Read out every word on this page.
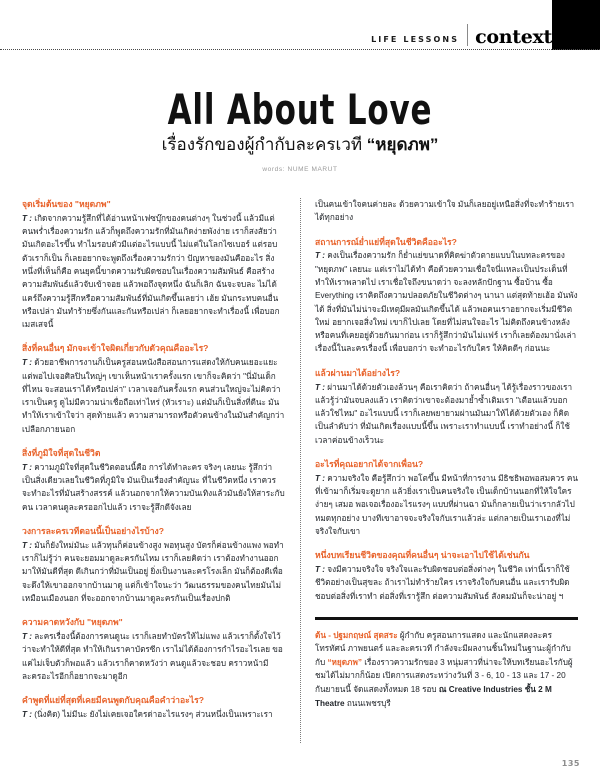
LIFE LESSONS context
All About Love
เรื่องรักของผู้กำกับละครเวที “หยุดภพ”
words: NUME MARUT
จุดเริ่มต้นของ "หยุดภพ"
T : เกิดจากความรู้สึกที่ได้อ่านหน้าเฟซบุ๊กของคนต่างๆ ในช่วงนี้ แล้วมีแต่คนพร่ำเรื่องความรัก แล้วก็พูดถึงความรักที่มันเกิดง่ายพังง่าย เราก็สงสัยว่ามันเกิดอะไรขึ้น ทำไมรอบตัวมีแต่อะไรแบบนี้ ไม่แค่ในโลกไซเบอร์ แต่รอบตัวเราก็เป็น ก็เลยอยากจะพูดถึงเรื่องความรักว่า ปัญหาของมันคืออะไร สิ่งหนึ่งที่เห็นก็คือ คนยุคนี้ขาดความรับผิดชอบในเรื่องความสัมพันธ์ คือสร้างความสัมพันธ์แล้วจับเข้าจอย แล้วพอถึงจุดหนึ่ง ฉันก็เลิก ฉันจะจบละ ไม่ได้แคร์ถึงความรู้สึกหรือความสัมพันธ์ที่มันเกิดขึ้นเลยว่า เฮ้ย มันกระทบคนอื่นหรือเปล่า มันทำร้ายซึ่งกันและกันหรือเปล่า ก็เลยอยากจะทำเรื่องนี้ เพื่อบอกเมสเสจนี้
สิ่งที่คนอื่นๆ มักจะเข้าใจผิดเกี่ยวกับตัวคุณคืออะไร?
T : ด้วยอาชีพการงานก็เป็นครูสอนหนังสือสอนการแสดงให้กับคนเยอะแยะ แต่พอไปเจอศิลปินใหญ่ๆ เขาเห็นหน้าเราครั้งแรก เขาก็จะคิดว่า "นี่มันเด็กที่ไหน จะสอนเราได้หรือเปล่า" เวลาเจอกันครั้งแรก คนส่วนใหญ่จะไม่คิดว่าเราเป็นครู ดูไม่มีความน่าเชื่อถือเท่าไหร่ (หัวเราะ) แต่มันก็เป็นสิ่งที่ดีนะ มันทำให้เราเข้าใจว่า สุดท้ายแล้ว ความสามารถหรือตัวตนข้างในมันสำคัญกว่าเปลือกภายนอก
สิ่งที่ภูมิใจที่สุดในชีวิต
T : ความภูมิใจที่สุดในชีวิตตอนนี้คือ การได้ทำละคร จริงๆ เลยนะ รู้สึกว่าเป็นสิ่งเดียวเลยในชีวิตที่ภูมิใจ มันเป็นเรื่องสำคัญนะ ที่ในชีวิตหนึ่ง เราควรจะทำอะไรที่มันสร้างสรรค์ แล้วนอกจากให้ความบันเทิงแล้วมันยังให้สาระกับคน เวลาคนดูละครออกไปแล้ว เราจะรู้สึกดีจังเลย
วงการละครเวทีตอนนี้เป็นอย่างไรบ้าง?
T : มันก็ยังใหม่มันะ แล้วทุนก็ค่อนข้างสูง พอทุนสูง บัตรก็ค่อนข้างแพง พอทำเราก็ไม่รู้ว่า คนจะยอมมาดูละครกันไหม เราก็เลยคิดว่า เราต้องทำงานออกมาให้มันดีที่สุด ดีเกินกว่าที่มันเป็นอยู่ ยิ่งเป็นงานละครโรงเล็ก มันก็ต้องดีเพื่อจะดึงให้เขาออกจากบ้านมาดู แต่ก็เข้าใจนะว่า วัฒนธรรมของคนไทยมันไม่เหมือนเมืองนอก ที่จะออกจากบ้านมาดูละครกันเป็นเรื่องปกติ
ความคาดหวังกับ "หยุดภพ"
T : ละครเรื่องนี้ต้องการคนดูนะ เราก็เลยทำบัตรให้ไม่แพง แล้วเราก็ตั้งใจไว้ว่าจะทำให้ดีที่สุด ทำให้เกินราคาบัตรซีก เราไม่ได้ต้องการกำไรอะไรเลย ขอแค่ไม่เจ็บตัวก็พอแล้ว แล้วเราก็คาดหวังว่า คนดูแล้วจะชอบ คราวหน้ามีละครอะไรอีกก็อยากจะมาดูอีก
คำพูดที่แย่ที่สุดที่เคยมีคนพูดกับคุณคือคำว่าอะไร?
T : (นิ่งคิด) ไม่มีนะ ยังไม่เคยเจอใครด่าอะไรแรงๆ ส่วนหนึ่งเป็นเพราะเรา
เป็นคนเข้าใจคนค่ายละ ด้วยความเข้าใจ มันก็เลยอยู่เหนือสิ่งที่จะทำร้ายเราได้ทุกอย่าง
สถานการณ์ย่ำแย่ที่สุดในชีวิตคืออะไร?
T : คงเป็นเรื่องความรัก ก็ย่ำแย่ขนาดที่คิดฆ่าตัวตายแบบในบทละครของ "หยุดภพ" เลยนะ แต่เราไม่ได้ทำ คือด้วยความเชื่อใจนี่แหละเป็นประเด็นที่ทำให้เราพลาดไป เราเชื่อใจถึงขนาดว่า จะลงหลักปักฐาน ซื้อบ้าน ซื้อ Everything เราคิดถึงความปลอดภัยในชีวิตต่างๆ นานา แต่สุดท้ายเฮ้อ มันพังได้ สิ่งที่มันไม่น่าจะมีเหตุมีผลมันเกิดขึ้นได้ แล้วพอคนเราอยากจะเริ่มมีชีวิตใหม่ อยากเจอสิ่งใหม่ เขาก็ไปเลย โดยที่ไม่สนใจอะไร ไม่คิดถึงคนข้างหลัง หรือคนที่เคยอยู่ด้วยกันมาก่อน เราก็รู้สึกว่ามันไม่แฟร์ เราก็เลยต้องมานั่งเล่าเรื่องนี้ในละครเรื่องนี้ เพื่อบอกว่า จะทำอะไรกับใคร ให้คิดดีๆ ก่อนนะ
แล้วผ่านมาได้อย่างไร?
T : ผ่านมาได้ด้วยตัวเองล้วนๆ คือเราคิดว่า ถ้าคนอื่นๆ ได้รู้เรื่องราวของเราแล้วรู้ว่ามันจบลงแล้ว เราคิดว่าเขาจะต้องมาย้ำซ้ำเติมเรา "เตือนแล้วบอกแล้วใช่ไหม" อะไรแบบนี้ เราก็เลยพยายามผ่านมันมาให้ได้ด้วยตัวเอง ก็คิดเป็นลำดับว่า ที่มันเกิดเรื่องแบบนี้ขึ้น เพราะเราทำแบบนี้ เราทำอย่างนี้ ก็ใช้เวลาค่อนข้างเร็วนะ
อะไรที่คุณอยากได้จากเพื่อน?
T : ความจริงใจ คือรู้สึกว่า พอโตขึ้น มีหน้าที่การงาน มีธิชธิพอพอสมควร คนที่เข้ามาก็เริ่มจะดูยาก แล้วยิ่งเราเป็นคนจริงใจ เป็นเด็กบ้านนอกที่ให้ใจใครง่ายๆ เสมอ พอเจอเรื่องอะไรแรงๆ แบบที่ผ่านฉา มันก็กลายเป็นว่าเรากลัวไปหมดทุกอย่าง บางทีเขาอาจจะจริงใจกับเราแล้วล่ะ แต่กลายเป็นเราเองที่ไม่จริงใจกับเขา
หนึ่งบทเรียนชีวิตของคุณที่คนอื่นๆ น่าจะเอาไปใช้ได้เช่นกัน
T : จงมีความจริงใจ จริงใจและรับผิดชอบต่อสิ่งต่างๆ ในชีวิต เท่านี้เราก็ใช้ชีวิตอย่างเป็นสุขละ ถ้าเราไม่ทำร้ายใคร เราจริงใจกับคนอื่น และเรารับผิดชอบต่อสิ่งที่เราทำ ต่อสิ่งที่เรารู้สึก ต่อความสัมพันธ์ สังคมมันก็จะน่าอยู่ ฯ
ต้น - ปฐมกฤษณ์ สุดสระ ผู้กำกับ ครูสอนการแสดง และนักแสดงละครโทรทัศน์ ภาพยนตร์ และละครเวที กำลังจะมีผลงานชิ้นใหม่ในฐานะผู้กำกับ กับ “หยุดภพ” เรื่องราวความรักของ 3 หนุ่มสาวที่น่าจะให้บทเรียนอะไรกับผู้ชมได้ไม่มากก็น้อย เปิดการแสดงระหว่างวันที่ 3 - 6, 10 - 13 และ 17 - 20 กันยายนนี้ จัดแสดงทั้งหมด 18 รอบ ณ Creative Industries ชั้น 2 M Theatre ถนนเพชรบุรี
135
